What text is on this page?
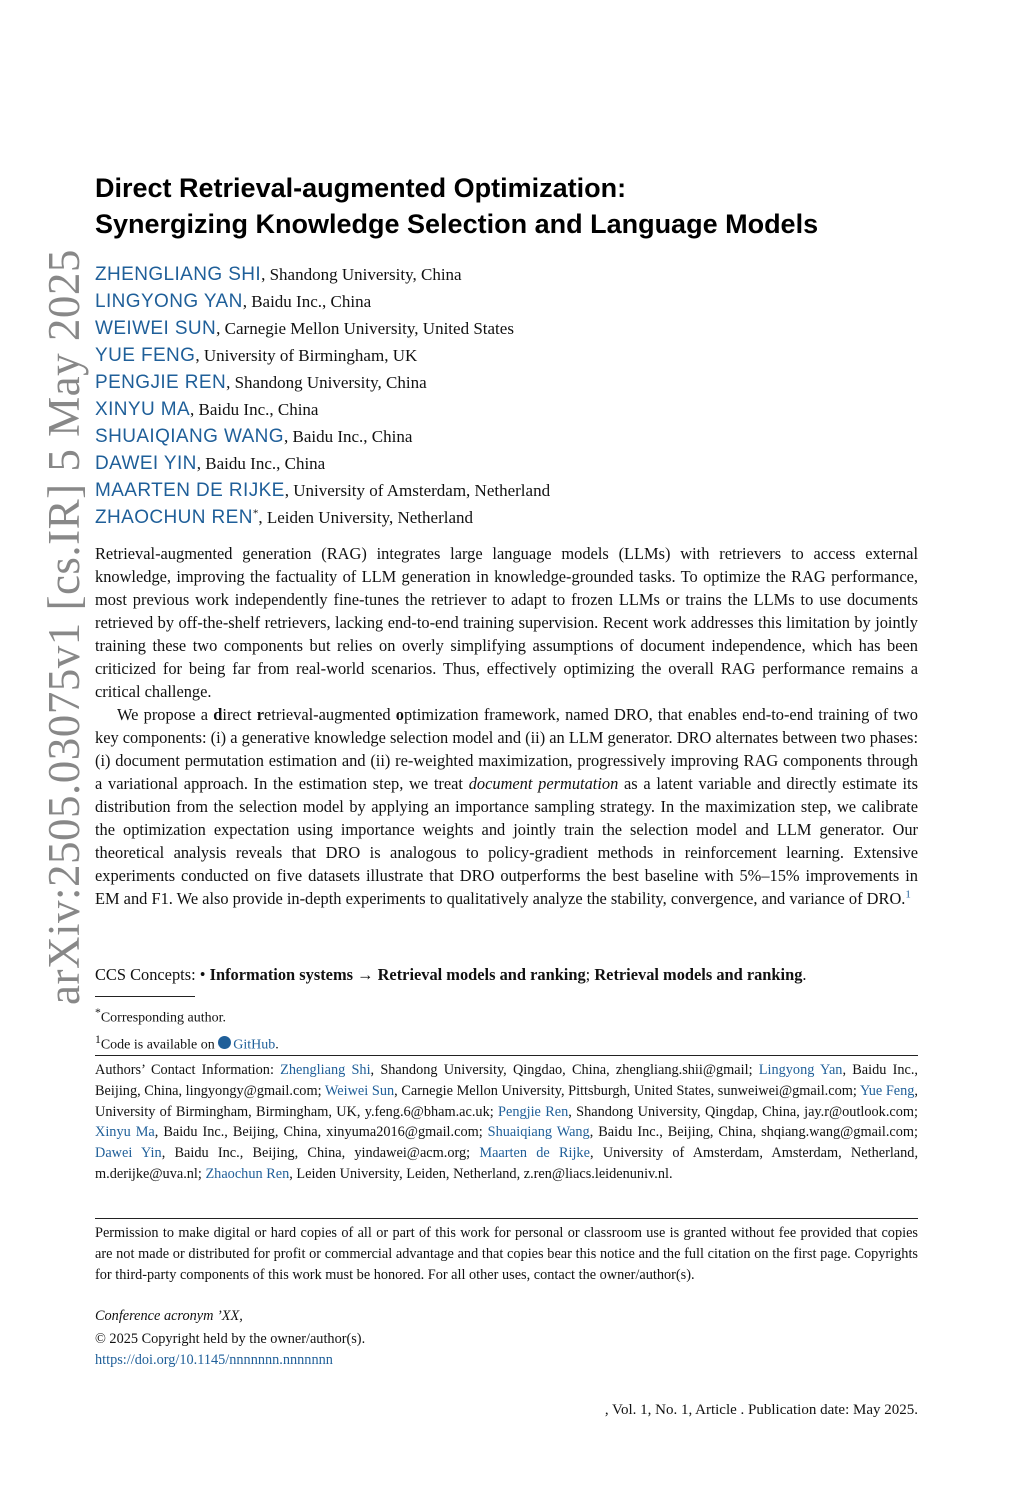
arXiv:2505.03075v1 [cs.IR] 5 May 2025
Direct Retrieval-augmented Optimization:
Synergizing Knowledge Selection and Language Models
ZHENGLIANG SHI, Shandong University, China
LINGYONG YAN, Baidu Inc., China
WEIWEI SUN, Carnegie Mellon University, United States
YUE FENG, University of Birmingham, UK
PENGJIE REN, Shandong University, China
XINYU MA, Baidu Inc., China
SHUAIQIANG WANG, Baidu Inc., China
DAWEI YIN, Baidu Inc., China
MAARTEN DE RIJKE, University of Amsterdam, Netherland
ZHAOCHUN REN*, Leiden University, Netherland

Retrieval-augmented generation (RAG) integrates large language models (LLMs) with retrievers to access external knowledge, improving the factuality of LLM generation in knowledge-grounded tasks. To optimize the RAG performance, most previous work independently fine-tunes the retriever to adapt to frozen LLMs or trains the LLMs to use documents retrieved by off-the-shelf retrievers, lacking end-to-end training supervision. Recent work addresses this limitation by jointly training these two components but relies on overly simplifying assumptions of document independence, which has been criticized for being far from real-world scenarios. Thus, effectively optimizing the overall RAG performance remains a critical challenge.

We propose a direct retrieval-augmented optimization framework, named DRO, that enables end-to-end training of two key components: (i) a generative knowledge selection model and (ii) an LLM generator. DRO alternates between two phases: (i) document permutation estimation and (ii) re-weighted maximization, progressively improving RAG components through a variational approach. In the estimation step, we treat document permutation as a latent variable and directly estimate its distribution from the selection model by applying an importance sampling strategy. In the maximization step, we calibrate the optimization expectation using importance weights and jointly train the selection model and LLM generator. Our theoretical analysis reveals that DRO is analogous to policy-gradient methods in reinforcement learning. Extensive experiments conducted on five datasets illustrate that DRO outperforms the best baseline with 5%–15% improvements in EM and F1. We also provide in-depth experiments to qualitatively analyze the stability, convergence, and variance of DRO.$^1$

CCS Concepts: • Information systems → Retrieval models and ranking; Retrieval models and ranking.
*Corresponding author.
$^1$Code is available on GitHub.
Authors’ Contact Information: Zhengliang Shi, Shandong University, Qingdao, China, zhengliang.shii@gmail; Lingyong Yan, Baidu Inc., Beijing, China, lingyongy@gmail.com; Weiwei Sun, Carnegie Mellon University, Pittsburgh, United States, sunweiwei@gmail.com; Yue Feng, University of Birmingham, Birmingham, UK, y.feng.6@bham.ac.uk; Pengjie Ren, Shandong University, Qingdap, China, jay.r@outlook.com; Xinyu Ma, Baidu Inc., Beijing, China, xinyuma2016@gmail.com; Shuaiqiang Wang, Baidu Inc., Beijing, China, shqiang.wang@gmail.com; Dawei Yin, Baidu Inc., Beijing, China, yindawei@acm.org; Maarten de Rijke, University of Amsterdam, Amsterdam, Netherland, m.derijke@uva.nl; Zhaochun Ren, Leiden University, Leiden, Netherland, z.ren@liacs.leidenuniv.nl.
Permission to make digital or hard copies of all or part of this work for personal or classroom use is granted without fee provided that copies are not made or distributed for profit or commercial advantage and that copies bear this notice and the full citation on the first page. Copyrights for third-party components of this work must be honored. For all other uses, contact the owner/author(s).
Conference acronym ’XX,
© 2025 Copyright held by the owner/author(s).
https://doi.org/10.1145/nnnnnnn.nnnnnnn
, Vol. 1, No. 1, Article . Publication date: May 2025.
